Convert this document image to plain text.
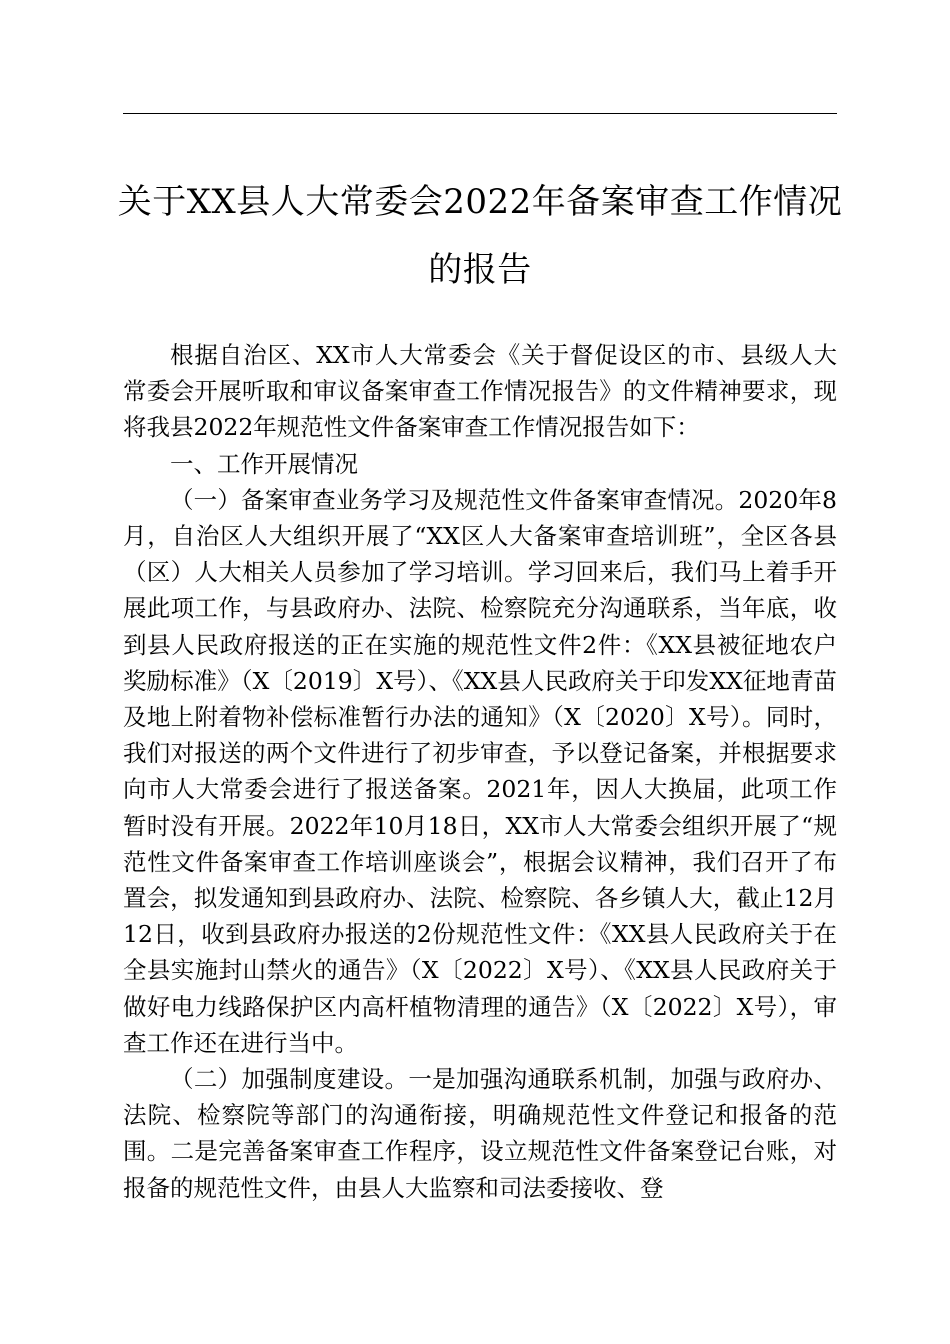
关于XX县人大常委会2022年备案审查工作情况的报告

根据自治区、XX市人大常委会《关于督促设区的市、县级人大常委会开展听取和审议备案审查工作情况报告》的文件精神要求，现将我县2022年规范性文件备案审查工作情况报告如下：

一、工作开展情况

（一）备案审查业务学习及规范性文件备案审查情况。2020年8月，自治区人大组织开展了“XX区人大备案审查培训班”，全区各县（区）人大相关人员参加了学习培训。学习回来后，我们马上着手开展此项工作，与县政府办、法院、检察院充分沟通联系，当年底，收到县人民政府报送的正在实施的规范性文件2件：《XX县被征地农户奖励标准》（X〔2019〕X号）、《XX县人民政府关于印发XX征地青苗及地上附着物补偿标准暂行办法的通知》（X〔2020〕X号）。同时，我们对报送的两个文件进行了初步审查，予以登记备案，并根据要求向市人大常委会进行了报送备案。2021年，因人大换届，此项工作暂时没有开展。2022年10月18日，XX市人大常委会组织开展了“规范性文件备案审查工作培训座谈会”，根据会议精神，我们召开了布置会，拟发通知到县政府办、法院、检察院、各乡镇人大，截止12月12日，收到县政府办报送的2份规范性文件：《XX县人民政府关于在全县实施封山禁火的通告》（X〔2022〕X号）、《XX县人民政府关于做好电力线路保护区内高杆植物清理的通告》（X〔2022〕X号），审查工作还在进行当中。

（二）加强制度建设。一是加强沟通联系机制，加强与政府办、法院、检察院等部门的沟通衔接，明确规范性文件登记和报备的范围。二是完善备案审查工作程序，设立规范性文件备案登记台账，对报备的规范性文件，由县人大监察和司法委接收、登
